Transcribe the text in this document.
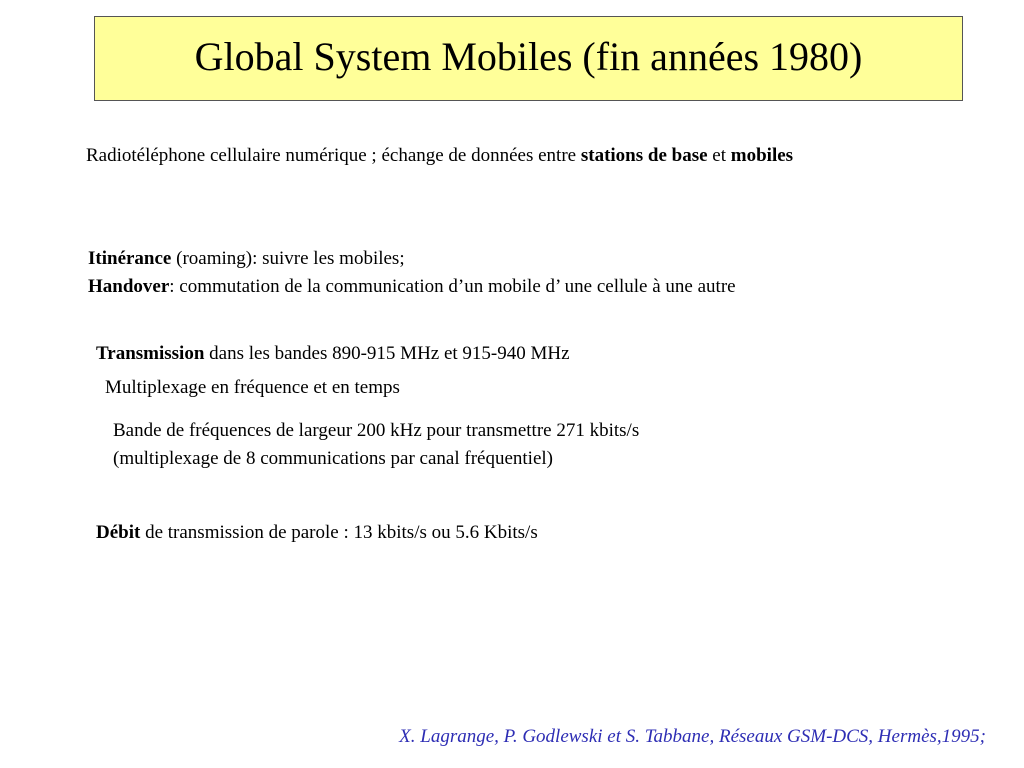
Global System Mobiles (fin années 1980)
Radiotéléphone cellulaire numérique ; échange de données entre stations de base et mobiles
Itinérance (roaming): suivre les mobiles;
Handover: commutation de la communication d’un mobile d’ une cellule à une autre
Transmission dans les bandes 890-915 MHz et 915-940 MHz
Multiplexage en fréquence et en temps
Bande de fréquences de largeur 200 kHz pour transmettre 271 kbits/s
(multiplexage de 8 communications par canal fréquentiel)
Débit de transmission de parole : 13 kbits/s ou 5.6 Kbits/s
X. Lagrange, P. Godlewski et S. Tabbane, Réseaux GSM-DCS, Hermès,1995;
